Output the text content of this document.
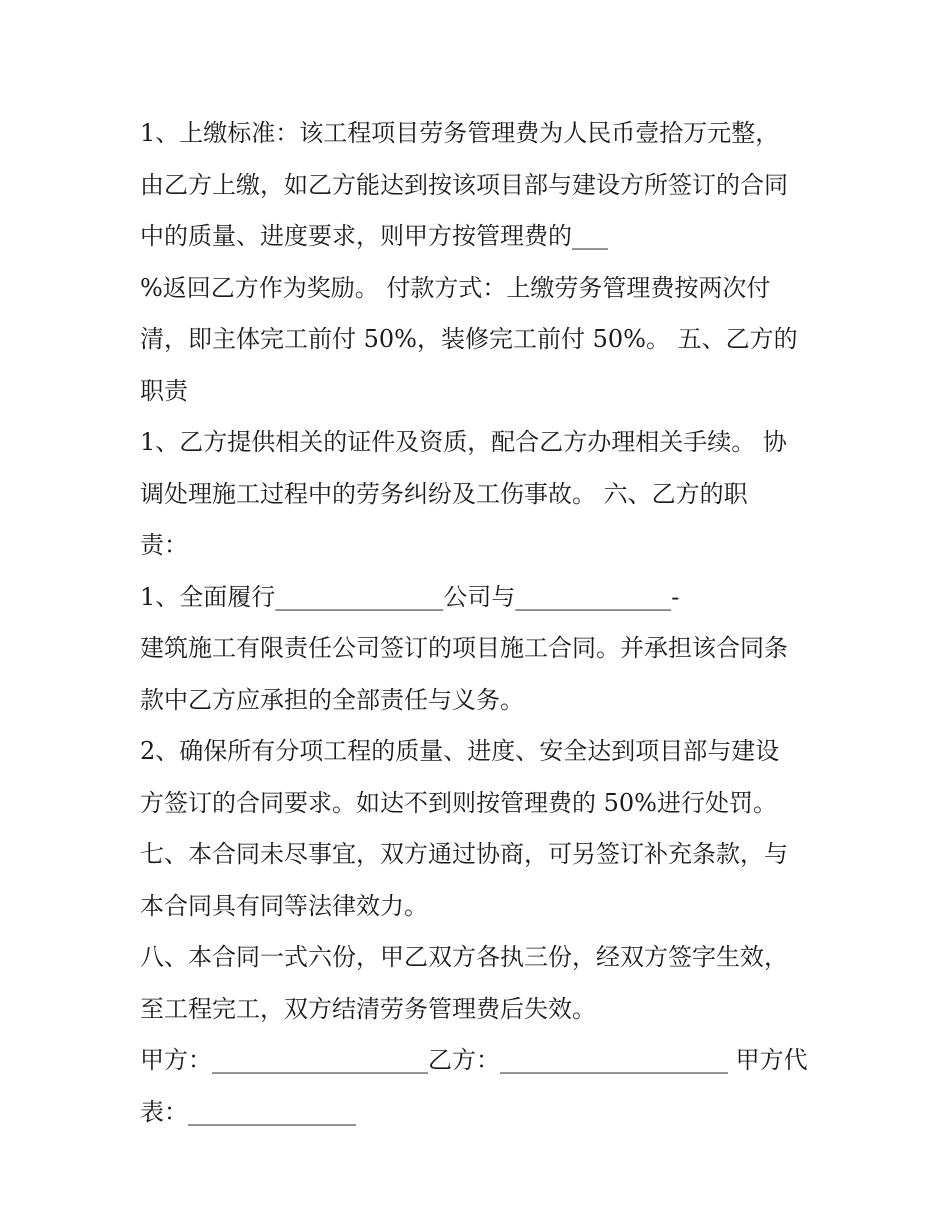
1、上缴标准：该工程项目劳务管理费为人民币壹拾万元整，
由乙方上缴，如乙方能达到按该项目部与建设方所签订的合同
中的质量、进度要求，则甲方按管理费的___
%返回乙方作为奖励。 付款方式：上缴劳务管理费按两次付
清，即主体完工前付 50%，装修完工前付 50%。 五、乙方的
职责
1、乙方提供相关的证件及资质，配合乙方办理相关手续。 协
调处理施工过程中的劳务纠纷及工伤事故。 六、乙方的职
责：
1、全面履行______________公司与_____________-
建筑施工有限责任公司签订的项目施工合同。并承担该合同条
款中乙方应承担的全部责任与义务。
2、确保所有分项工程的质量、进度、安全达到项目部与建设
方签订的合同要求。如达不到则按管理费的 50%进行处罚。
七、本合同未尽事宜，双方通过协商，可另签订补充条款，与
本合同具有同等法律效力。
八、本合同一式六份，甲乙双方各执三份，经双方签字生效，
至工程完工，双方结清劳务管理费后失效。
甲方：__________________乙方：___________________ 甲方代
表：______________
